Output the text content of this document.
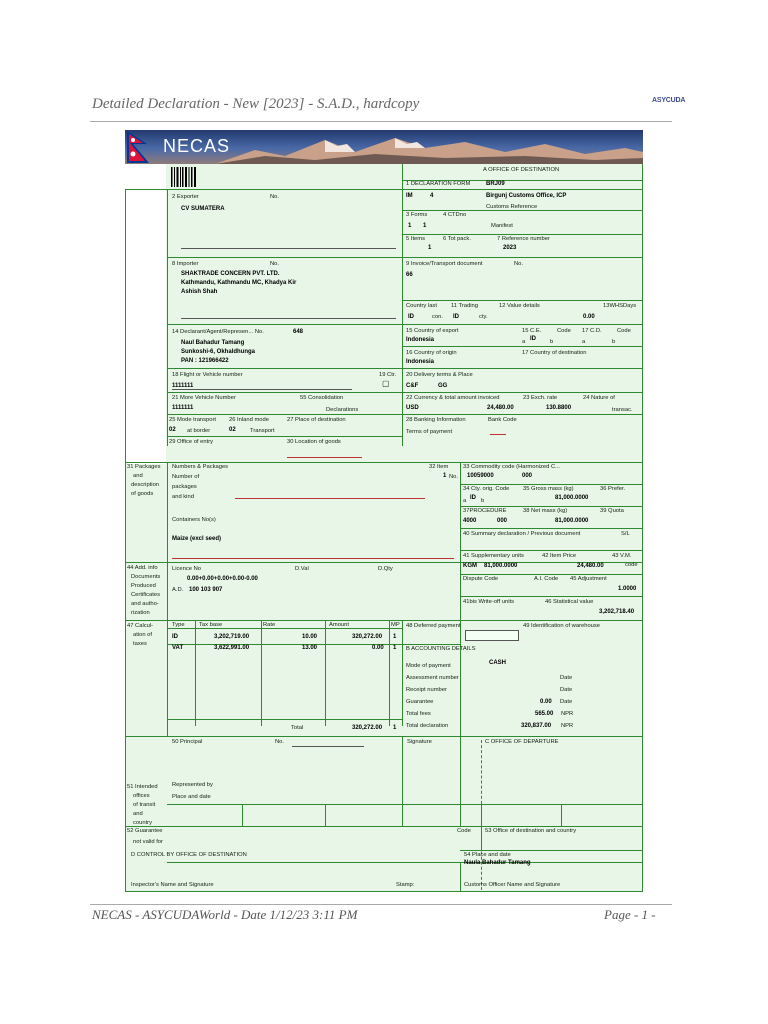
Detailed Declaration - New [2023] - S.A.D., hardcopy	ASYCUDA
NECAS
A OFFICE OF DESTINATION
1 DECLARATION FORM	BRJ09
IM	4	Birgunj Customs Office, ICP
Customs Reference
3 Forms	4 CTDno
1 1	Manifest
5 Items	6 Tot pack.	7 Reference number
1	2023
2 Exporter	No.
CV SUMATERA
8 Importer	No.
SHAKTRADE CONCERN PVT. LTD.
Kathmandu, Kathmandu MC, Khadya Kir
Ashish Shah
9 Invoice/Transport document	No.
66
Country last
ID	con.
11 Trading
ID	cty.
12 Value details
0.00
13WHSDays
14 Declarant/Agent/Represen... No.	648
Naul Bahadur Tamang
Sunkoshi-6, Okhaldhunga
PAN : 121966422
15 Country of export
Indonesia
15 C.E.	Code
a ID b
17 C.D.	Code
a	b
16 Country of origin
Indonesia
17 Country of destination
18 Flight or Vehicle number
1111111
19 Ctr.
▢
20 Delivery terms & Place
C&F	GG
21 More Vehicle Number
1111111
55 Consolidation
Declarations
22 Currency & total amount invoiced
USD	24,480.00
23 Exch. rate
130.8800
24 Nature of
transac.
25 Mode transport
02 at border
26 Inland mode
02 Transport
27 Place of destination	28 Banking Information	Bank Code
Terms of payment
29 Office of entry	30 Location of goods
31 Packages
and
description
of goods
Numbers & Packages
Number of
packages
and kind
Containers No(s)
Maize (excl seed)
32 Item
1 No.
33 Commodity code (Harmonized C...
10059000	000
34 Cty. orig. Code
a ID b
35 Gross mass (kg)
81,000.0000
36 Prefer.
37PROCEDURE
4000	000
38 Net mass (kg)
81,000.0000
39 Quota
40 Summary declaration / Previous document	S/L
41 Supplementary units
KGM 81,000.0000
42 Item Price
24,480.00
43 V.M.
code
44 Add. info
Documents
Produced
Certificates
and autho-
rization
Licence No	D.Val	D.Qty
0.00+0.00+0.00+0.00-0.00
A.D. 100 103 907
Dispute Code	A.I. Code 45 Adjustment
1.0000
41bis Write-off units	46 Statistical value
3,202,718.40
47 Calcul-
ation of
taxes
Type Tax base	Rate	Amount	MP
ID	3,202,719.00	10.00	320,272.00 1
VAT	3,622,991.00	13.00	0.00 1
Total	320,272.00 1
48 Deferred payment	49 Identification of warehouse
B ACCOUNTING DETAILS
Mode of payment	CASH
Assessment number	Date
Receipt number	Date
Guarantee	0.00 Date
Total fees	565.00 NPR
Total declaration	320,837.00 NPR
50 Principal	No.	Signature	C OFFICE OF DEPARTURE
Represented by
Place and date
51 Intended
offices
of transit
and
country
52 Guarantee
not valid for
Code 53 Office of destination and country
D CONTROL BY OFFICE OF DESTINATION	54 Place and date
Naula Bahadur Tamang
Inspector's Name and Signature	Stamp:	Customs Officer Name and Signature
NECAS - ASYCUDAWorld - Date 1/12/23 3:11 PM	Page - 1 -
